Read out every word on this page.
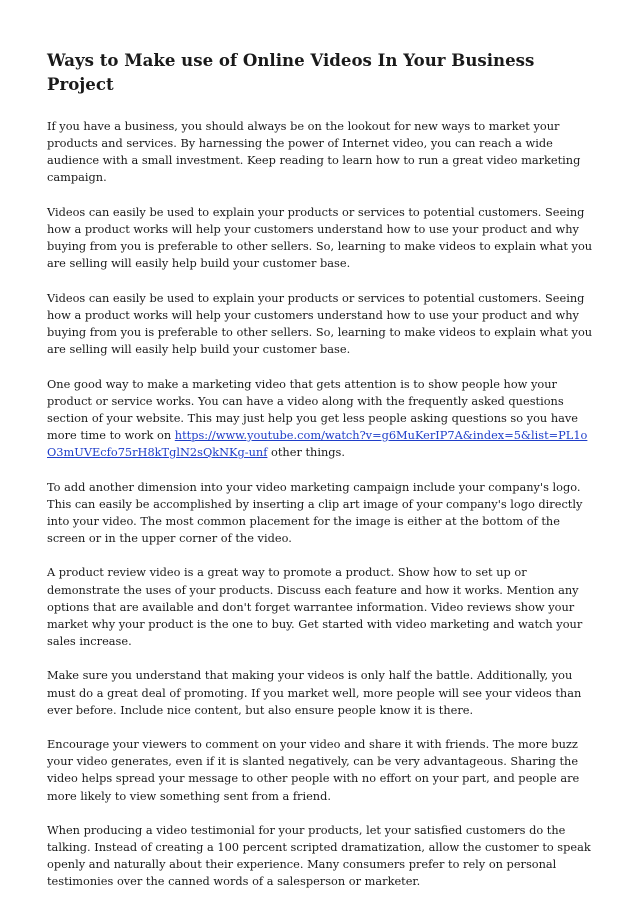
Ways to Make use of Online Videos In Your Business Project

If you have a business, you should always be on the lookout for new ways to market your products and services. By harnessing the power of Internet video, you can reach a wide audience with a small investment. Keep reading to learn how to run a great video marketing campaign.

Videos can easily be used to explain your products or services to potential customers. Seeing how a product works will help your customers understand how to use your product and why buying from you is preferable to other sellers. So, learning to make videos to explain what you are selling will easily help build your customer base.

Videos can easily be used to explain your products or services to potential customers. Seeing how a product works will help your customers understand how to use your product and why buying from you is preferable to other sellers. So, learning to make videos to explain what you are selling will easily help build your customer base.

One good way to make a marketing video that gets attention is to show people how your product or service works. You can have a video along with the frequently asked questions section of your website. This may just help you get less people asking questions so you have more time to work on https://www.youtube.com/watch?v=g6MuKerIP7A&index=5&list=PL1oO3mUVEcfo75rH8kTglN2sQkNKg-unf other things.

To add another dimension into your video marketing campaign include your company's logo. This can easily be accomplished by inserting a clip art image of your company's logo directly into your video. The most common placement for the image is either at the bottom of the screen or in the upper corner of the video.

A product review video is a great way to promote a product. Show how to set up or demonstrate the uses of your products. Discuss each feature and how it works. Mention any options that are available and don't forget warrantee information. Video reviews show your market why your product is the one to buy. Get started with video marketing and watch your sales increase.

Make sure you understand that making your videos is only half the battle. Additionally, you must do a great deal of promoting. If you market well, more people will see your videos than ever before. Include nice content, but also ensure people know it is there.

Encourage your viewers to comment on your video and share it with friends. The more buzz your video generates, even if it is slanted negatively, can be very advantageous. Sharing the video helps spread your message to other people with no effort on your part, and people are more likely to view something sent from a friend.

When producing a video testimonial for your products, let your satisfied customers do the talking. Instead of creating a 100 percent scripted dramatization, allow the customer to speak openly and naturally about their experience. Many consumers prefer to rely on personal testimonies over the canned words of a salesperson or marketer.
